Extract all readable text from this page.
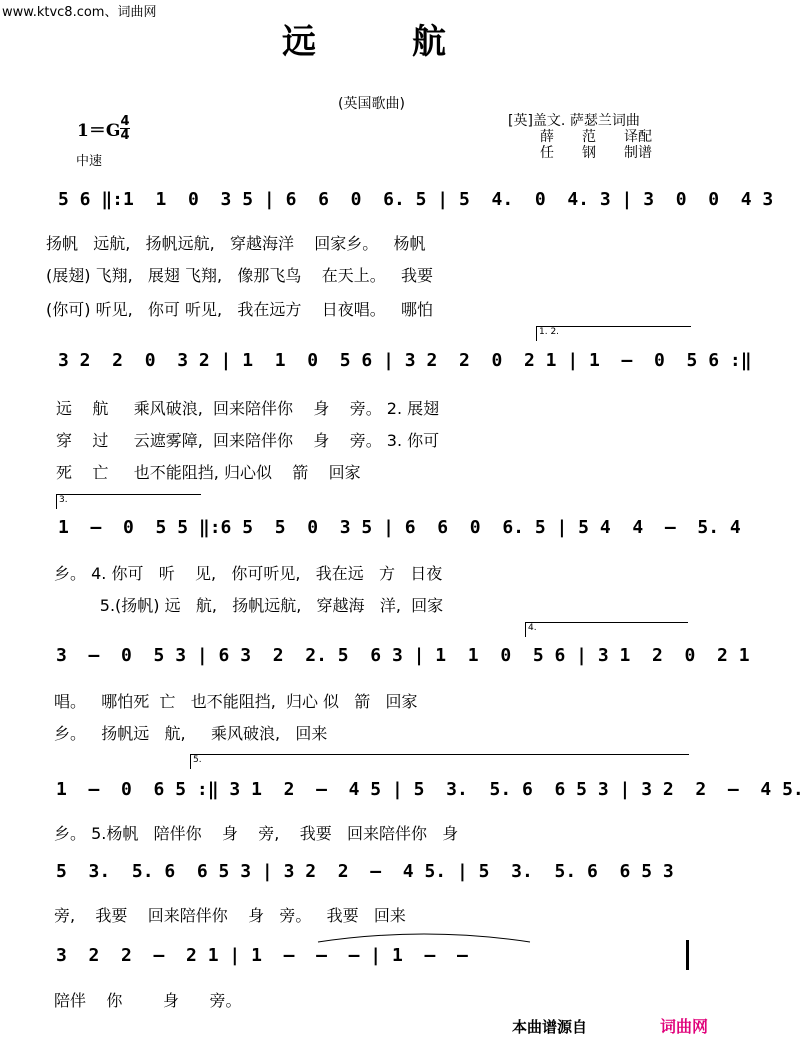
www.ktvc8.com、词曲网
远	航
(英国歌曲)
1＝G 4
4
中速
[英]盖文. 萨瑟兰词曲
薛　　范　　译配
任　　钢　　制谱
5 6 ‖:1  1  0  3 5 | 6  6  0  6. 5 | 5  4.  0  4. 3 | 3  0  0  4 3
扬帆   远航,   扬帆远航,   穿越海洋    回家乡。   杨帆
(展翅) 飞翔,   展翅 飞翔,   像那飞鸟    在天上。   我要
(你可) 听见,   你可 听见,   我在远方    日夜唱。   哪怕
1. 2.
3 2  2  0  3 2 | 1  1  0  5 6 | 3 2  2  0  2 1 | 1  –  0  5 6 :‖
远    航     乘风破浪,  回来陪伴你    身    旁。 2. 展翅
穿    过     云遮雾障,  回来陪伴你    身    旁。 3. 你可
死    亡     也不能阻挡, 归心似    箭    回家
3.
1  –  0  5 5 ‖:6 5  5  0  3 5 | 6  6  0  6. 5 | 5 4  4  –  5. 4
乡。 4. 你可   听    见,   你可听见,   我在远   方   日夜
5.(扬帆) 远   航,   扬帆远航,   穿越海   洋,  回家
4.
3  –  0  5 3 | 6 3  2  2. 5  6 3 | 1  1  0  5 6 | 3 1  2  0  2 1
唱。   哪怕死  亡   也不能阻挡,  归心 似   箭   回家
乡。   扬帆远   航,     乘风破浪,   回来
5.
1  –  0  6 5 :‖ 3 1  2  –  4 5 | 5  3.  5. 6  6 5 3 | 3 2  2  –  4 5.
乡。 5.杨帆   陪伴你    身    旁,    我要   回来陪伴你   身
5  3.  5. 6  6 5 3 | 3 2  2  –  4 5. | 5  3.  5. 6  6 5 3
旁,    我要    回来陪伴你    身   旁。   我要   回来
3  2  2  –  2 1 | 1  –  –  – | 1  –  –
陪伴    你        身      旁。
本曲谱源自	词曲网
